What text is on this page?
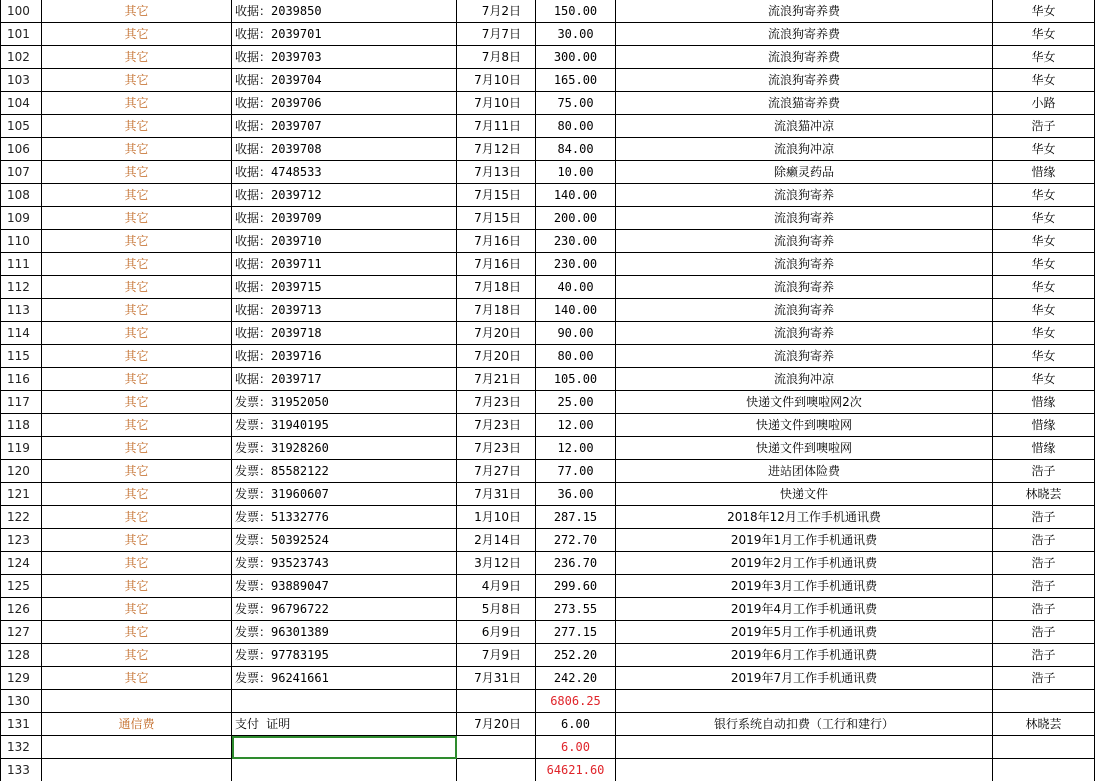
100	其它	收据：2039850	7月2日	150.00	流浪狗寄养费	华女
101	其它	收据：2039701	7月7日	30.00	流浪狗寄养费	华女
102	其它	收据：2039703	7月8日	300.00	流浪狗寄养费	华女
103	其它	收据：2039704	7月10日	165.00	流浪狗寄养费	华女
104	其它	收据：2039706	7月10日	75.00	流浪猫寄养费	小路
105	其它	收据：2039707	7月11日	80.00	流浪猫冲凉	浩子
106	其它	收据：2039708	7月12日	84.00	流浪狗冲凉	华女
107	其它	收据：4748533	7月13日	10.00	除癞灵药品	惜缘
108	其它	收据：2039712	7月15日	140.00	流浪狗寄养	华女
109	其它	收据：2039709	7月15日	200.00	流浪狗寄养	华女
110	其它	收据：2039710	7月16日	230.00	流浪狗寄养	华女
111	其它	收据：2039711	7月16日	230.00	流浪狗寄养	华女
112	其它	收据：2039715	7月18日	40.00	流浪狗寄养	华女
113	其它	收据：2039713	7月18日	140.00	流浪狗寄养	华女
114	其它	收据：2039718	7月20日	90.00	流浪狗寄养	华女
115	其它	收据：2039716	7月20日	80.00	流浪狗寄养	华女
116	其它	收据：2039717	7月21日	105.00	流浪狗冲凉	华女
117	其它	发票：31952050	7月23日	25.00	快递文件到噢啦网2次	惜缘
118	其它	发票：31940195	7月23日	12.00	快递文件到噢啦网	惜缘
119	其它	发票：31928260	7月23日	12.00	快递文件到噢啦网	惜缘
120	其它	发票：85582122	7月27日	77.00	进站团体险费	浩子
121	其它	发票：31960607	7月31日	36.00	快递文件	林晓芸
122	其它	发票：51332776	1月10日	287.15	2018年12月工作手机通讯费	浩子
123	其它	发票：50392524	2月14日	272.70	2019年1月工作手机通讯费	浩子
124	其它	发票：93523743	3月12日	236.70	2019年2月工作手机通讯费	浩子
125	其它	发票：93889047	4月9日	299.60	2019年3月工作手机通讯费	浩子
126	其它	发票：96796722	5月8日	273.55	2019年4月工作手机通讯费	浩子
127	其它	发票：96301389	6月9日	277.15	2019年5月工作手机通讯费	浩子
128	其它	发票：97783195	7月9日	252.20	2019年6月工作手机通讯费	浩子
129	其它	发票：96241661	7月31日	242.20	2019年7月工作手机通讯费	浩子
130				6806.25		
131	通信费	支付 证明	7月20日	6.00	银行系统自动扣费（工行和建行）	林晓芸
132				6.00		
133				64621.60		
